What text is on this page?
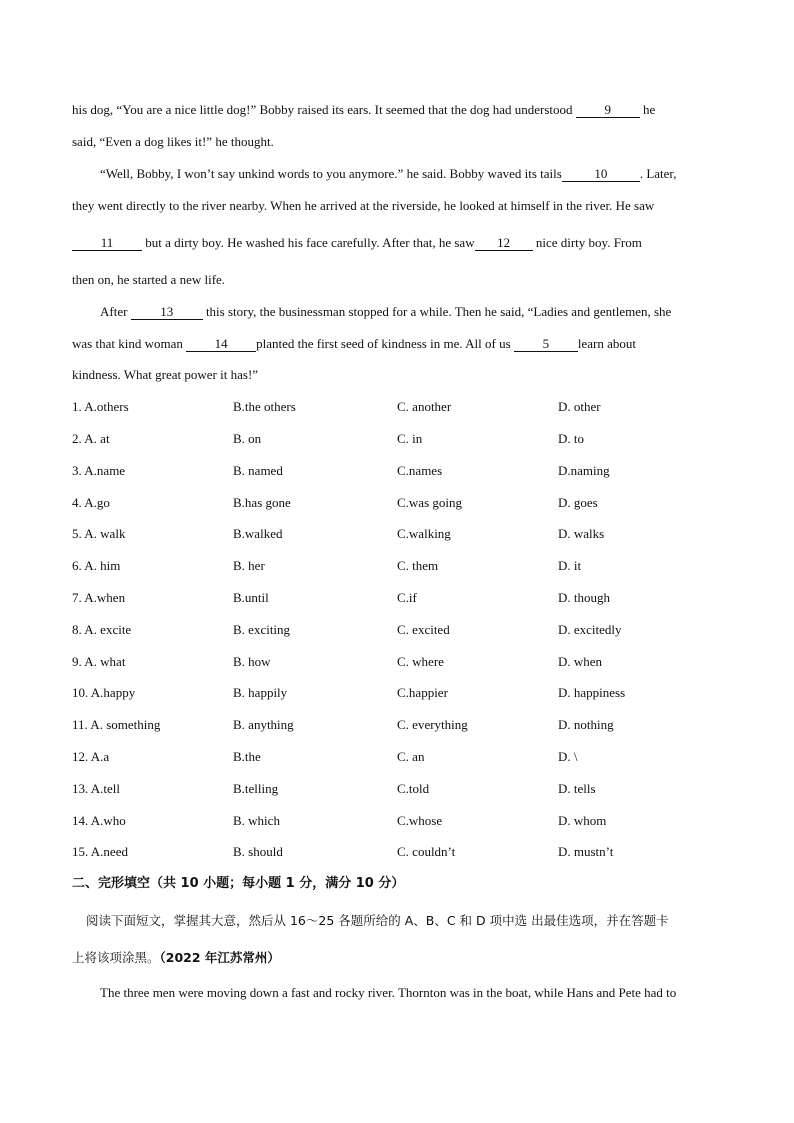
his dog, “You are a nice little dog!” Bobby raised its ears. It seemed that the dog had understood 9 he
said, “Even a dog likes it!” he thought.
“Well, Bobby, I won’t say unkind words to you anymore.” he said. Bobby waved its tails	10	. Later,
they went directly to the river nearby. When he arrived at the riverside, he looked at himself in the river. He saw
11 but a dirty boy. He washed his face carefully. After that, he saw 12 nice dirty boy. From
then on, he started a new life.
After 13 this story, the businessman stopped for a while. Then he said, “Ladies and gentlemen, she
was that kind woman 14 planted the first seed of kindness in me. All of us 5 learn about
kindness. What great power it has!”
1. A.others	B.the others	C. another	D. other
2. A. at	B. on	C. in	D. to
3. A.name	B. named	C.names	D.naming
4. A.go	B.has gone	C.was going	D. goes
5. A. walk	B.walked	C.walking	D. walks
6. A. him	B. her	C. them	D. it
7. A.when	B.until	C.if	D. though
8. A. excite	B. exciting	C. excited	D. excitedly
9. A. what	B. how	C. where	D. when
10. A.happy	B. happily	C.happier	D. happiness
11. A. something	B. anything	C. everything	D. nothing
12. A.a	B.the	C. an	D. \
13. A.tell	B.telling	C.told	D. tells
14. A.who	B. which	C.whose	D. whom
15. A.need	B. should	C. couldn’t	D. mustn’t
二、完形填空（共 10 小题；每小题 1 分，满分 10 分）
阅读下面短文，掌握其大意，然后从 16～25 各题所给的 A、B、C 和 D 项中选 出最佳选项，并在答题卡
上将该项涂黑。（2022 年江苏常州）
The three men were moving down a fast and rocky river. Thornton was in the boat, while Hans and Pete had to
